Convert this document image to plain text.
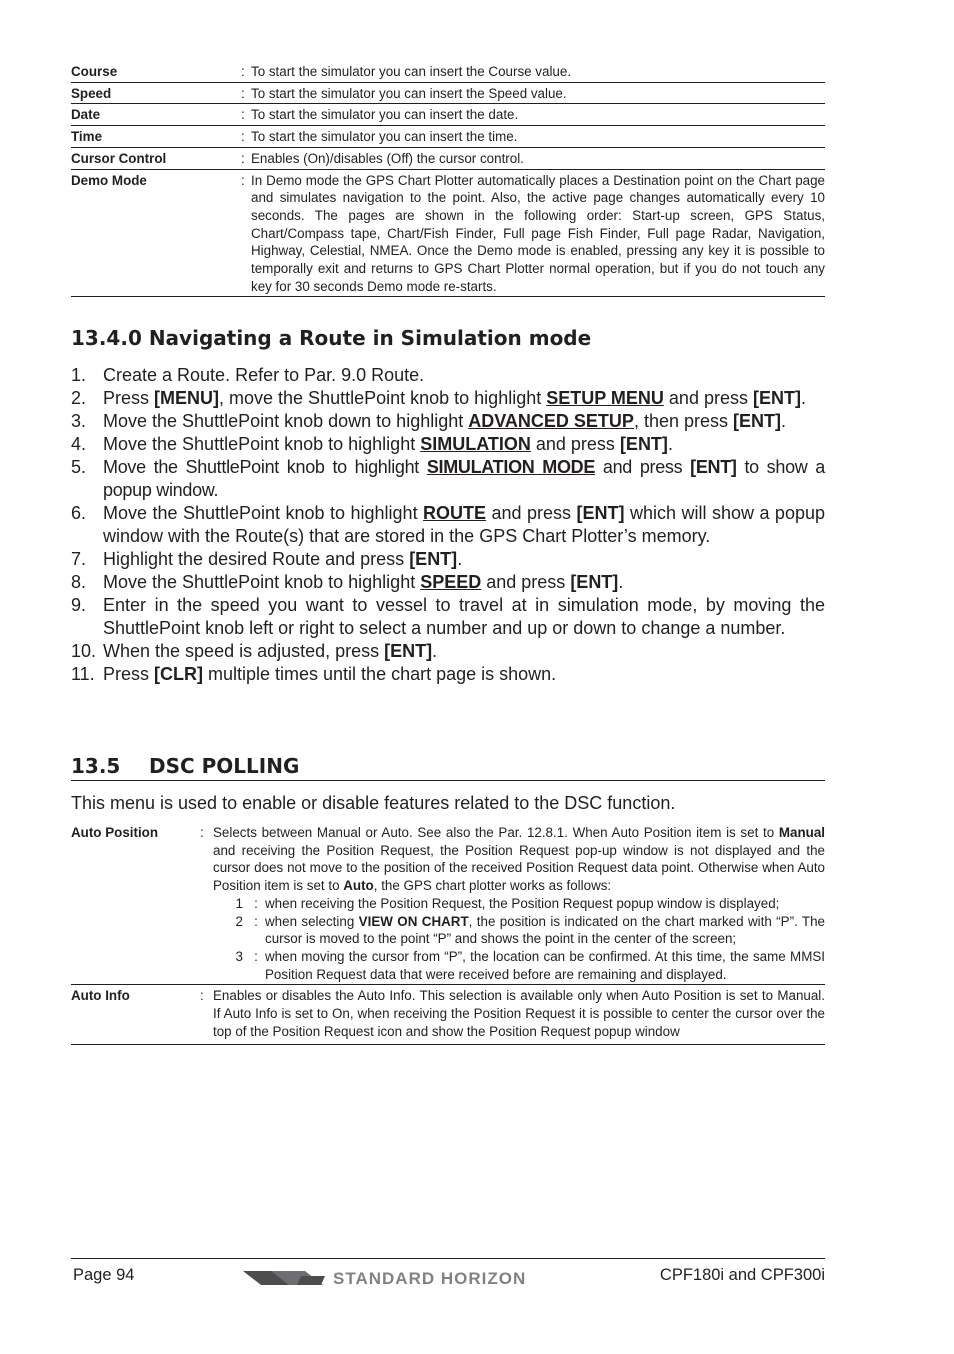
Course	: To start the simulator you can insert the Course value.
Speed	: To start the simulator you can insert the Speed value.
Date	: To start the simulator you can insert the date.
Time	: To start the simulator you can insert the time.
Cursor Control	: Enables (On)/disables (Off) the cursor control.
Demo Mode	: In Demo mode the GPS Chart Plotter automatically places a Destination point on the Chart page and simulates navigation to the point. Also, the active page changes automatically every 10 seconds. The pages are shown in the following order: Start-up screen, GPS Status, Chart/Compass tape, Chart/Fish Finder, Full page Fish Finder, Full page Radar, Navigation, Highway, Celestial, NMEA. Once the Demo mode is enabled, pressing any key it is possible to temporally exit and returns to GPS Chart Plotter normal operation, but if you do not touch any key for 30 seconds Demo mode re-starts.
13.4.0 Navigating a Route in Simulation mode
1. Create a Route. Refer to Par. 9.0 Route.
2. Press [MENU], move the ShuttlePoint knob to highlight SETUP MENU and press [ENT].
3. Move the ShuttlePoint knob down to highlight ADVANCED SETUP, then press [ENT].
4. Move the ShuttlePoint knob to highlight SIMULATION and press [ENT].
5. Move the ShuttlePoint knob to highlight SIMULATION MODE and press [ENT] to show a popup window.
6. Move the ShuttlePoint knob to highlight ROUTE and press [ENT] which will show a popup window with the Route(s) that are stored in the GPS Chart Plotter’s memory.
7. Highlight the desired Route and press [ENT].
8. Move the ShuttlePoint knob to highlight SPEED and press [ENT].
9. Enter in the speed you want to vessel to travel at in simulation mode, by moving the ShuttlePoint knob left or right to select a number and up or down to change a number.
10. When the speed is adjusted, press [ENT].
11. Press [CLR] multiple times until the chart page is shown.
13.5 DSC POLLING
This menu is used to enable or disable features related to the DSC function.
Auto Position	: Selects between Manual or Auto. See also the Par. 12.8.1. When Auto Position item is set to Manual and receiving the Position Request, the Position Request pop-up window is not displayed and the cursor does not move to the position of the received Position Request data point. Otherwise when Auto Position item is set to Auto, the GPS chart plotter works as follows:
1 : when receiving the Position Request, the Position Request popup window is displayed;
2 : when selecting VIEW ON CHART, the position is indicated on the chart marked with “P”. The cursor is moved to the point “P” and shows the point in the center of the screen;
3 : when moving the cursor from “P”, the location can be confirmed. At this time, the same MMSI Position Request data that were received before are remaining and displayed.
Auto Info	: Enables or disables the Auto Info. This selection is available only when Auto Position is set to Manual. If Auto Info is set to On, when receiving the Position Request it is possible to center the cursor over the top of the Position Request icon and show the Position Request popup window
Page 94	STANDARD HORIZON	CPF180i and CPF300i
